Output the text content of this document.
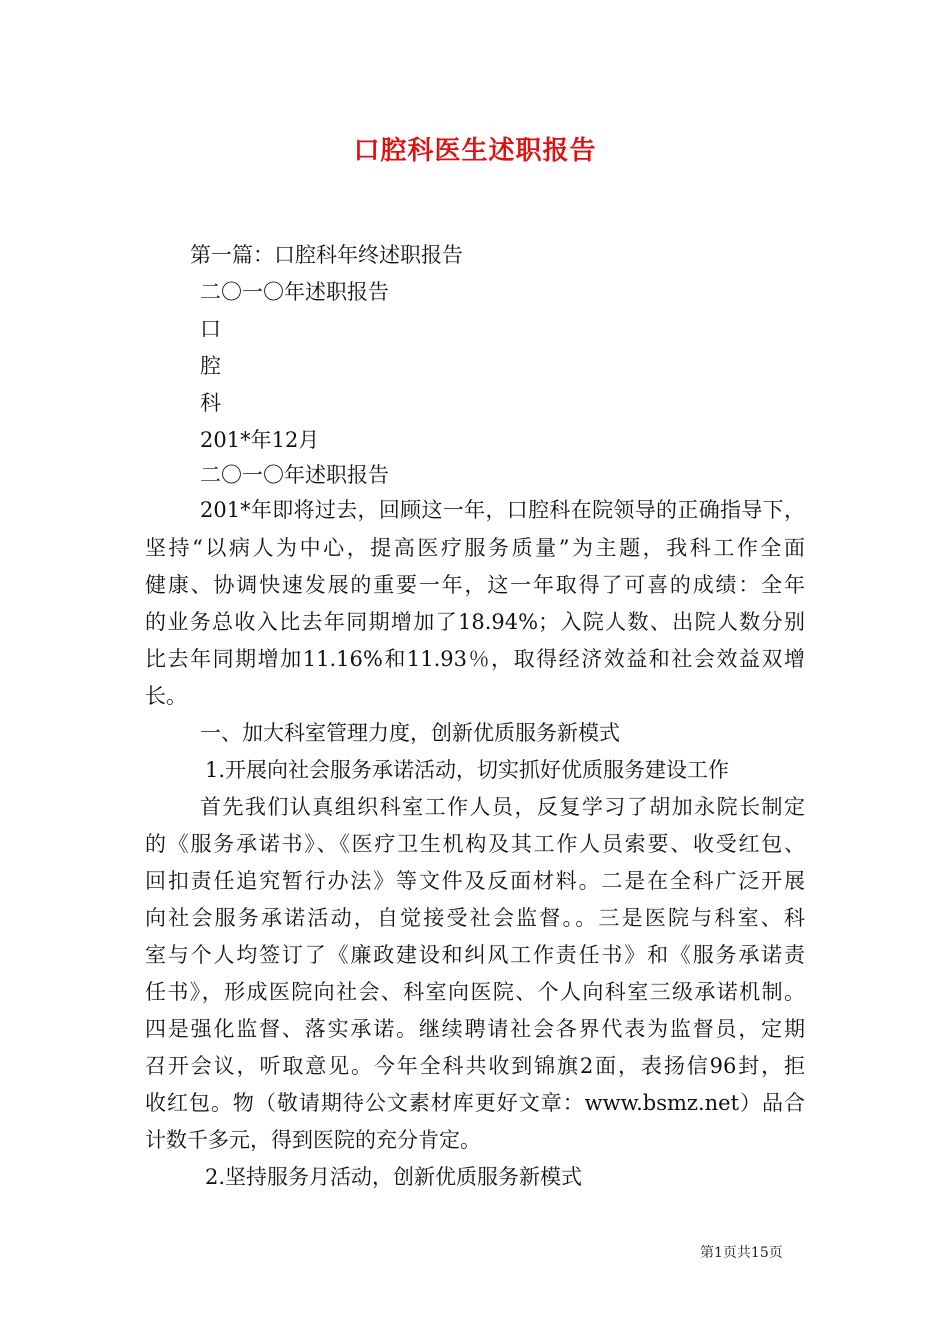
口腔科医生述职报告
第一篇：口腔科年终述职报告
二〇一〇年述职报告
口
腔
科
201*年12月
二〇一〇年述职报告
201*年即将过去，回顾这一年，口腔科在院领导的正确指导下，
坚持“以病人为中心，提高医疗服务质量”为主题，我科工作全面
健康、协调快速发展的重要一年，这一年取得了可喜的成绩：全年
的业务总收入比去年同期增加了18.94%；入院人数、出院人数分别
比去年同期增加11.16%和11.93％，取得经济效益和社会效益双增
长。
一、加大科室管理力度，创新优质服务新模式
1.开展向社会服务承诺活动，切实抓好优质服务建设工作
首先我们认真组织科室工作人员，反复学习了胡加永院长制定
的《服务承诺书》、《医疗卫生机构及其工作人员索要、收受红包、
回扣责任追究暂行办法》等文件及反面材料。二是在全科广泛开展
向社会服务承诺活动，自觉接受社会监督。。三是医院与科室、科
室与个人均签订了《廉政建设和纠风工作责任书》和《服务承诺责
任书》，形成医院向社会、科室向医院、个人向科室三级承诺机制。
四是强化监督、落实承诺。继续聘请社会各界代表为监督员，定期
召开会议，听取意见。今年全科共收到锦旗2面，表扬信96封，拒
收红包。物（敬请期待公文素材库更好文章：www.bsmz.net）品合
计数千多元，得到医院的充分肯定。
2.坚持服务月活动，创新优质服务新模式
第1页共15页
